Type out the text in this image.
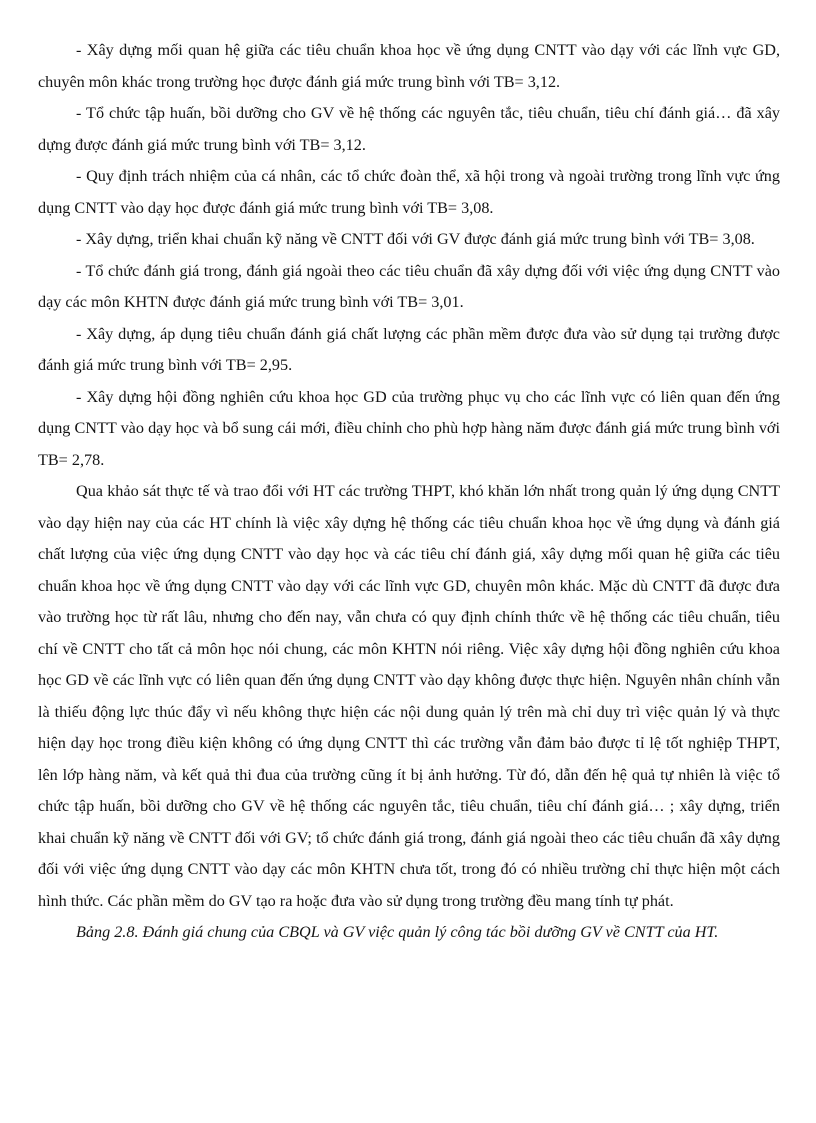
- Xây dựng mối quan hệ giữa các tiêu chuẩn khoa học về ứng dụng CNTT vào dạy với các lĩnh vực GD, chuyên môn khác trong trường học được đánh giá mức trung bình với TB= 3,12.

- Tổ chức tập huấn, bồi dưỡng cho GV về hệ thống các nguyên tắc, tiêu chuẩn, tiêu chí đánh giá… đã xây dựng được đánh giá mức trung bình với TB= 3,12.

- Quy định trách nhiệm của cá nhân, các tổ chức đoàn thể, xã hội trong và ngoài trường trong lĩnh vực ứng dụng CNTT vào dạy học được đánh giá mức trung bình với TB= 3,08.

- Xây dựng, triển khai chuẩn kỹ năng về CNTT đối với GV được đánh giá mức trung bình với TB= 3,08.

- Tổ chức đánh giá trong, đánh giá ngoài theo các tiêu chuẩn đã xây dựng đối với việc ứng dụng CNTT vào dạy các môn KHTN được đánh giá mức trung bình với TB= 3,01.

- Xây dựng, áp dụng tiêu chuẩn đánh giá chất lượng các phần mềm được đưa vào sử dụng tại trường được đánh giá mức trung bình với TB= 2,95.

- Xây dựng hội đồng nghiên cứu khoa học GD của trường phục vụ cho các lĩnh vực có liên quan đến ứng dụng CNTT vào dạy học và bổ sung cái mới, điều chỉnh cho phù hợp hàng năm được đánh giá mức trung bình với TB= 2,78.

Qua khảo sát thực tế và trao đổi với HT các trường THPT, khó khăn lớn nhất trong quản lý ứng dụng CNTT vào dạy hiện nay của các HT chính là việc xây dựng hệ thống các tiêu chuẩn khoa học về ứng dụng và đánh giá chất lượng của việc ứng dụng CNTT vào dạy học và các tiêu chí đánh giá, xây dựng mối quan hệ giữa các tiêu chuẩn khoa học về ứng dụng CNTT vào dạy với các lĩnh vực GD, chuyên môn khác. Mặc dù CNTT đã được đưa vào trường học từ rất lâu, nhưng cho đến nay, vẫn chưa có quy định chính thức về hệ thống các tiêu chuẩn, tiêu chí về CNTT cho tất cả môn học nói chung, các môn KHTN nói riêng. Việc xây dựng hội đồng nghiên cứu khoa học GD về các lĩnh vực có liên quan đến ứng dụng CNTT vào dạy không được thực hiện. Nguyên nhân chính vẫn là thiếu động lực thúc đẩy vì nếu không thực hiện các nội dung quản lý trên mà chỉ duy trì việc quản lý và thực hiện dạy học trong điều kiện không có ứng dụng CNTT thì các trường vẫn đảm bảo được tỉ lệ tốt nghiệp THPT, lên lớp hàng năm, và kết quả thi đua của trường cũng ít bị ảnh hưởng. Từ đó, dẫn đến hệ quả tự nhiên là việc tổ chức tập huấn, bồi dưỡng cho GV về hệ thống các nguyên tắc, tiêu chuẩn, tiêu chí đánh giá… ; xây dựng, triển khai chuẩn kỹ năng về CNTT đối với GV; tổ chức đánh giá trong, đánh giá ngoài theo các tiêu chuẩn đã xây dựng đối với việc ứng dụng CNTT vào dạy các môn KHTN chưa tốt, trong đó có nhiều trường chỉ thực hiện một cách hình thức. Các phần mềm do GV tạo ra hoặc đưa vào sử dụng trong trường đều mang tính tự phát.

Bảng 2.8. Đánh giá chung của CBQL và GV việc quản lý công tác bồi dưỡng GV về CNTT của HT.
